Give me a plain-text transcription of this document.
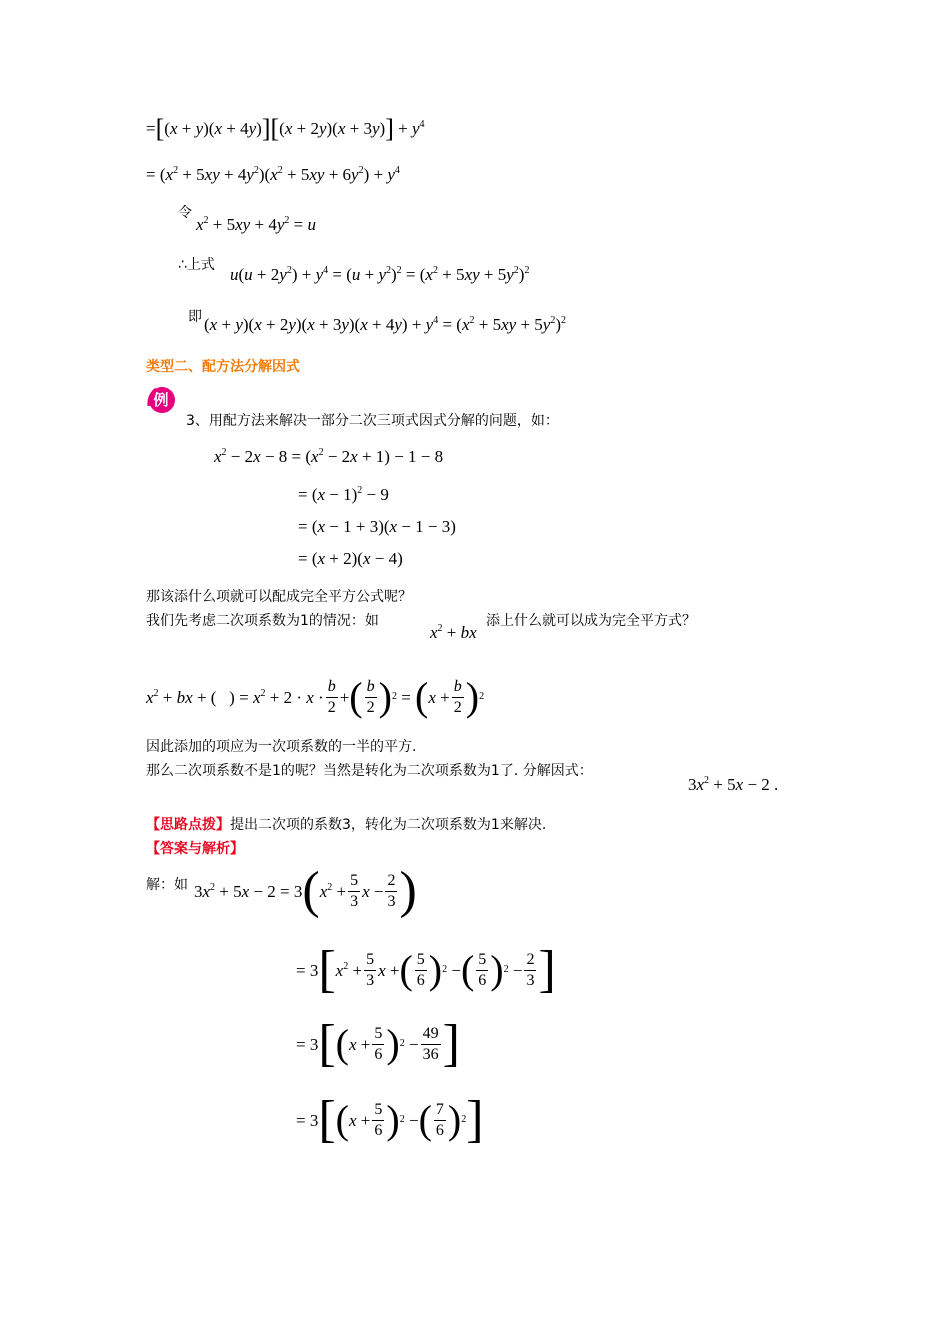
$=[(x + y)(x + 4y)][(x + 2y)(x + 3y)] + y^4$
= $(x^2 + 5xy + 4y^2)(x^2 + 5xy + 6y^2) + y^4$
令
$x^2 + 5xy + 4y^2 = u$
∴上式 $u(u + 2y^2) + y^4 = (u + y^2)^2 = (x^2 + 5xy + 5y^2)^2$
即 $(x + y)(x + 2y)(x + 3y)(x + 4y) + y^4 = (x^2 + 5xy + 5y^2)^2$
类型二、配方法分解因式
例
3、用配方法来解决一部分二次三项式因式分解的问题，如：
$x^2 - 2x - 8 = (x^2 - 2x + 1) - 1 - 8$
= $(x - 1)^2 - 9$
= (x − 1 + 3)(x − 1 − 3)
= (x + 2)(x − 4)
那该添什么项就可以配成完全平方公式呢？
我们先考虑二次项系数为1的情况：如
$x^2$ + bx
添上什么就可以成为完全平方式？
$x^2$ + bx + (   ) = $x^2 + 2 \cdot x \cdot \frac{b}{2}$ + ( $\frac{b}{2}$ ) 2 = ( $x + \frac{b}{2}$ ) 2
因此添加的项应为一次项系数的一半的平方.
那么二次项系数不是1的呢？当然是转化为二次项系数为1了. 分解因式：
$3x^2 + 5x - 2$ .
【思路点拨】提出二次项的系数3，转化为二次项系数为1来解决.
【答案与解析】
解：如 $3x^2 + 5x - 2 = 3$ ( $x^2 + \frac{5}{3}$ $x - \frac{2}{3}$ )
= 3 [ $x^2 + \frac{5}{3}$ x + ( $\frac{5}{6}$ ) 2 − ( $\frac{5}{6}$ ) $2 - \frac{2}{3}$ ]
= 3 [ ( $x + \frac{5}{6}$ ) $2 - \frac{49}{36}$ ]
= 3 [ ( $x + \frac{5}{6}$ ) 2 − ( $\frac{7}{6}$ ) 2 ]
